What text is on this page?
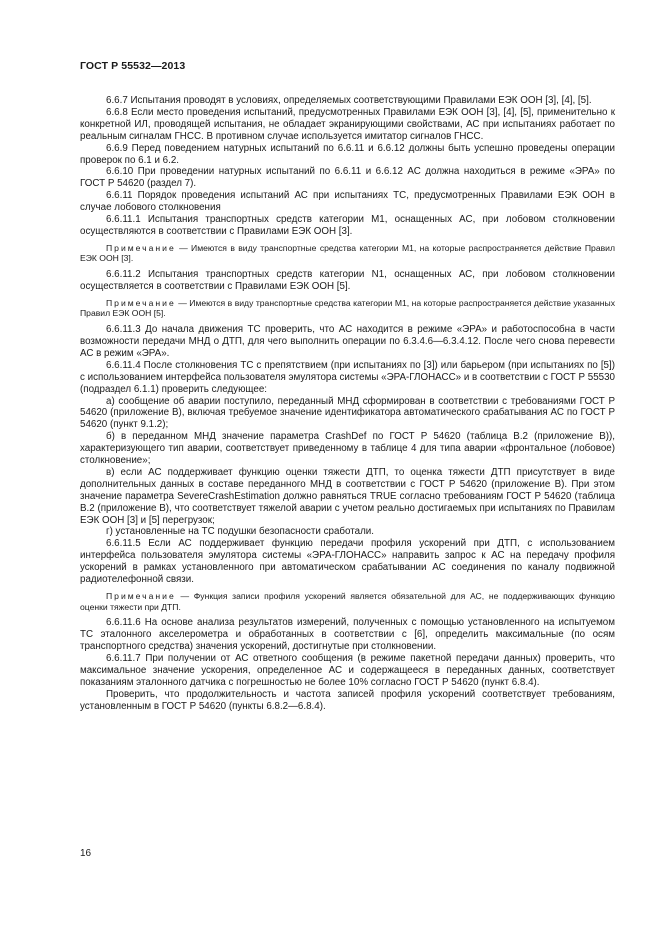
ГОСТ Р 55532—2013

6.6.7 Испытания проводят в условиях, определяемых соответствующими Правилами ЕЭК ООН [3], [4], [5].

6.6.8 Если место проведения испытаний, предусмотренных Правилами ЕЭК ООН [3], [4], [5], применительно к конкретной ИЛ, проводящей испытания, не обладает экранирующими свойствами, АС при испытаниях работает по реальным сигналам ГНСС. В противном случае используется имитатор сигналов ГНСС.

6.6.9 Перед поведением натурных испытаний по 6.6.11 и 6.6.12 должны быть успешно проведены операции проверок по 6.1 и 6.2.

6.6.10 При проведении натурных испытаний по 6.6.11 и 6.6.12 АС должна находиться в режиме «ЭРА» по ГОСТ Р 54620 (раздел 7).

6.6.11 Порядок проведения испытаний АС при испытаниях ТС, предусмотренных Правилами ЕЭК ООН в случае лобового столкновения

6.6.11.1 Испытания транспортных средств категории М1, оснащенных АС, при лобовом столкновении осуществляются в соответствии с Правилами ЕЭК ООН [3].

Примечание — Имеются в виду транспортные средства категории М1, на которые распространяется действие Правил ЕЭК ООН [3].

6.6.11.2 Испытания транспортных средств категории N1, оснащенных АС, при лобовом столкновении осуществляется в соответствии с Правилами ЕЭК ООН [5].

Примечание — Имеются в виду транспортные средства категории М1, на которые распространяется действие указанных Правил ЕЭК ООН [5].

6.6.11.3 До начала движения ТС проверить, что АС находится в режиме «ЭРА» и работоспособна в части возможности передачи МНД о ДТП, для чего выполнить операции по 6.3.4.6—6.3.4.12. После чего снова перевести АС в режим «ЭРА».

6.6.11.4 После столкновения ТС с препятствием (при испытаниях по [3]) или барьером (при испытаниях по [5]) с использованием интерфейса пользователя эмулятора системы «ЭРА-ГЛОНАСС» и в соответствии с ГОСТ Р 55530 (подраздел 6.1.1) проверить следующее:

а) сообщение об аварии поступило, переданный МНД сформирован в соответствии с требованиями ГОСТ Р 54620 (приложение В), включая требуемое значение идентификатора автоматического срабатывания АС по ГОСТ Р 54620 (пункт 9.1.2);

б) в переданном МНД значение параметра CrashDef по ГОСТ Р 54620 (таблица В.2 (приложение В)), характеризующего тип аварии, соответствует приведенному в таблице 4 для типа аварии «фронтальное (лобовое) столкновение»;

в) если АС поддерживает функцию оценки тяжести ДТП, то оценка тяжести ДТП присутствует в виде дополнительных данных в составе переданного МНД в соответствии с ГОСТ Р 54620 (приложение В). При этом значение параметра SevereCrashEstimation должно равняться TRUE согласно требованиям ГОСТ Р 54620 (таблица В.2 (приложение В), что соответствует тяжелой аварии с учетом реально достигаемых при испытаниях по Правилам ЕЭК ООН [3] и [5] перегрузок;

г) установленные на ТС подушки безопасности сработали.

6.6.11.5 Если АС поддерживает функцию передачи профиля ускорений при ДТП, с использованием интерфейса пользователя эмулятора системы «ЭРА-ГЛОНАСС» направить запрос к АС на передачу профиля ускорений в рамках установленного при автоматическом срабатывании АС соединения по каналу подвижной радиотелефонной связи.

Примечание — Функция записи профиля ускорений является обязательной для АС, не поддерживающих функцию оценки тяжести при ДТП.

6.6.11.6 На основе анализа результатов измерений, полученных с помощью установленного на испытуемом ТС эталонного акселерометра и обработанных в соответствии с [6], определить максимальные (по осям транспортного средства) значения ускорений, достигнутые при столкновении.

6.6.11.7 При получении от АС ответного сообщения (в режиме пакетной передачи данных) проверить, что максимальное значение ускорения, определенное АС и содержащееся в переданных данных, соответствует показаниям эталонного датчика с погрешностью не более 10% согласно ГОСТ Р 54620 (пункт 6.8.4).

Проверить, что продолжительность и частота записей профиля ускорений соответствует требованиям, установленным в ГОСТ Р 54620 (пункты 6.8.2—6.8.4).

16
